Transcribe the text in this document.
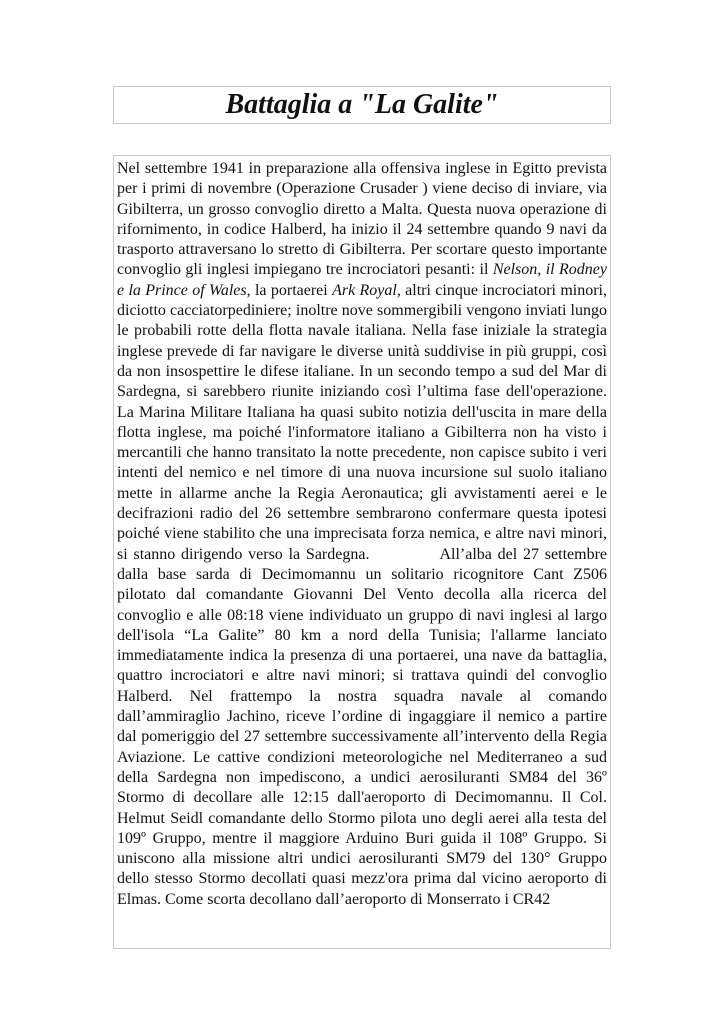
Battaglia a "La Galite"

Nel settembre 1941 in preparazione alla offensiva inglese in Egitto prevista per i primi di novembre (Operazione Crusader ) viene deciso di inviare, via Gibilterra, un grosso convoglio diretto a Malta. Questa nuova operazione di rifornimento, in codice Halberd, ha inizio il 24 settembre quando 9 navi da trasporto attraversano lo stretto di Gibilterra. Per scortare questo importante convoglio gli inglesi impiegano tre incrociatori pesanti: il Nelson, il Rodney e la Prince of Wales, la portaerei Ark Royal, altri cinque incrociatori minori, diciotto cacciatorpediniere; inoltre nove sommergibili vengono inviati lungo le probabili rotte della flotta navale italiana. Nella fase iniziale la strategia inglese prevede di far navigare le diverse unità suddivise in più gruppi, così da non insospettire le difese italiane. In un secondo tempo a sud del Mar di Sardegna, si sarebbero riunite iniziando così l’ultima fase dell'operazione. La Marina Militare Italiana ha quasi subito notizia dell'uscita in mare della flotta inglese, ma poiché l'informatore italiano a Gibilterra non ha visto i mercantili che hanno transitato la notte precedente, non capisce subito i veri intenti del nemico e nel timore di una nuova incursione sul suolo italiano mette in allarme anche la Regia Aeronautica; gli avvistamenti aerei e le decifrazioni radio del 26 settembre sembrarono confermare questa ipotesi poiché viene stabilito che una imprecisata forza nemica, e altre navi minori, si stanno dirigendo verso la Sardegna.	All’alba del 27 settembre dalla base sarda di Decimomannu un solitario ricognitore Cant Z506 pilotato dal comandante Giovanni Del Vento decolla alla ricerca del convoglio e alle 08:18 viene individuato un gruppo di navi inglesi al largo dell'isola “La Galite” 80 km a nord della Tunisia; l'allarme lanciato immediatamente indica la presenza di una portaerei, una nave da battaglia, quattro incrociatori e altre navi minori; si trattava quindi del convoglio Halberd. Nel frattempo la nostra squadra navale al comando dall’ammiraglio Jachino, riceve l’ordine di ingaggiare il nemico a partire dal pomeriggio del 27 settembre successivamente all’intervento della Regia Aviazione. Le cattive condizioni meteorologiche nel Mediterraneo a sud della Sardegna non impediscono, a undici aerosiluranti SM84 del 36º Stormo di decollare alle 12:15 dall'aeroporto di Decimomannu. Il Col. Helmut Seidl comandante dello Stormo pilota uno degli aerei alla testa del 109º Gruppo, mentre il maggiore Arduino Buri guida il 108º Gruppo. Si uniscono alla missione altri undici aerosiluranti SM79 del 130° Gruppo dello stesso Stormo decollati quasi mezz'ora prima dal vicino aeroporto di Elmas. Come scorta decollano dall’aeroporto di Monserrato i CR42
